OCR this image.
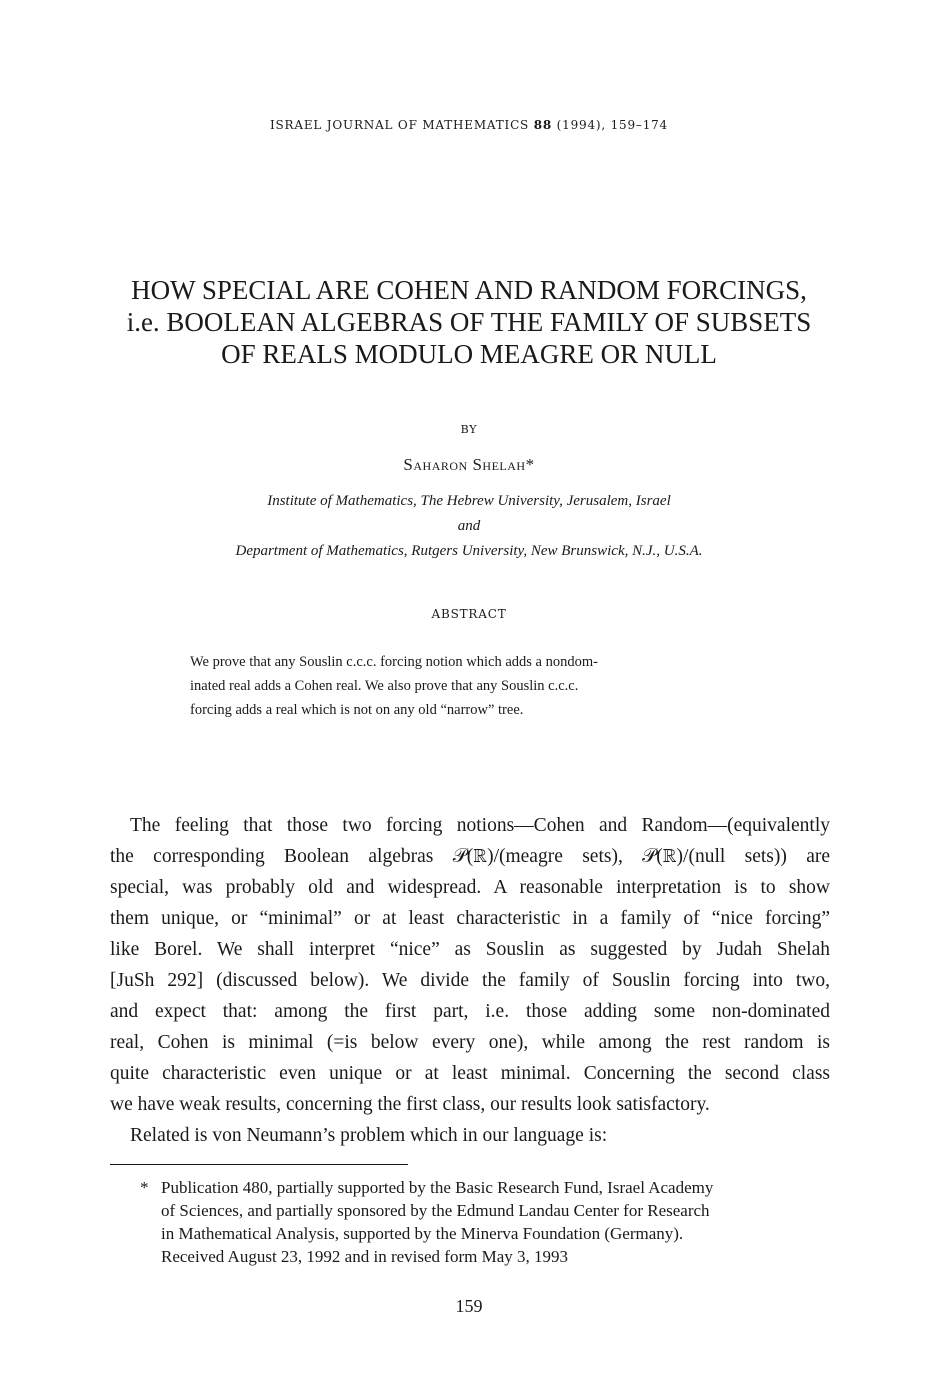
ISRAEL JOURNAL OF MATHEMATICS 88 (1994), 159–174
HOW SPECIAL ARE COHEN AND RANDOM FORCINGS,
i.e. BOOLEAN ALGEBRAS OF THE FAMILY OF SUBSETS
OF REALS MODULO MEAGRE OR NULL
BY
Saharon Shelah*
Institute of Mathematics, The Hebrew University, Jerusalem, Israel
and
Department of Mathematics, Rutgers University, New Brunswick, N.J., U.S.A.
ABSTRACT
We prove that any Souslin c.c.c. forcing notion which adds a nondom-
inated real adds a Cohen real. We also prove that any Souslin c.c.c.
forcing adds a real which is not on any old “narrow” tree.
The feeling that those two forcing notions—Cohen and Random—(equivalently
the corresponding Boolean algebras 𝒫(ℝ)/(meagre sets), 𝒫(ℝ)/(null sets)) are
special, was probably old and widespread. A reasonable interpretation is to show
them unique, or “minimal” or at least characteristic in a family of “nice forcing”
like Borel. We shall interpret “nice” as Souslin as suggested by Judah Shelah
[JuSh 292] (discussed below). We divide the family of Souslin forcing into two,
and expect that: among the first part, i.e. those adding some non-dominated
real, Cohen is minimal (=is below every one), while among the rest random is
quite characteristic even unique or at least minimal. Concerning the second class
we have weak results, concerning the first class, our results look satisfactory.
Related is von Neumann’s problem which in our language is:
* Publication 480, partially supported by the Basic Research Fund, Israel Academy
of Sciences, and partially sponsored by the Edmund Landau Center for Research
in Mathematical Analysis, supported by the Minerva Foundation (Germany).
Received August 23, 1992 and in revised form May 3, 1993
159
